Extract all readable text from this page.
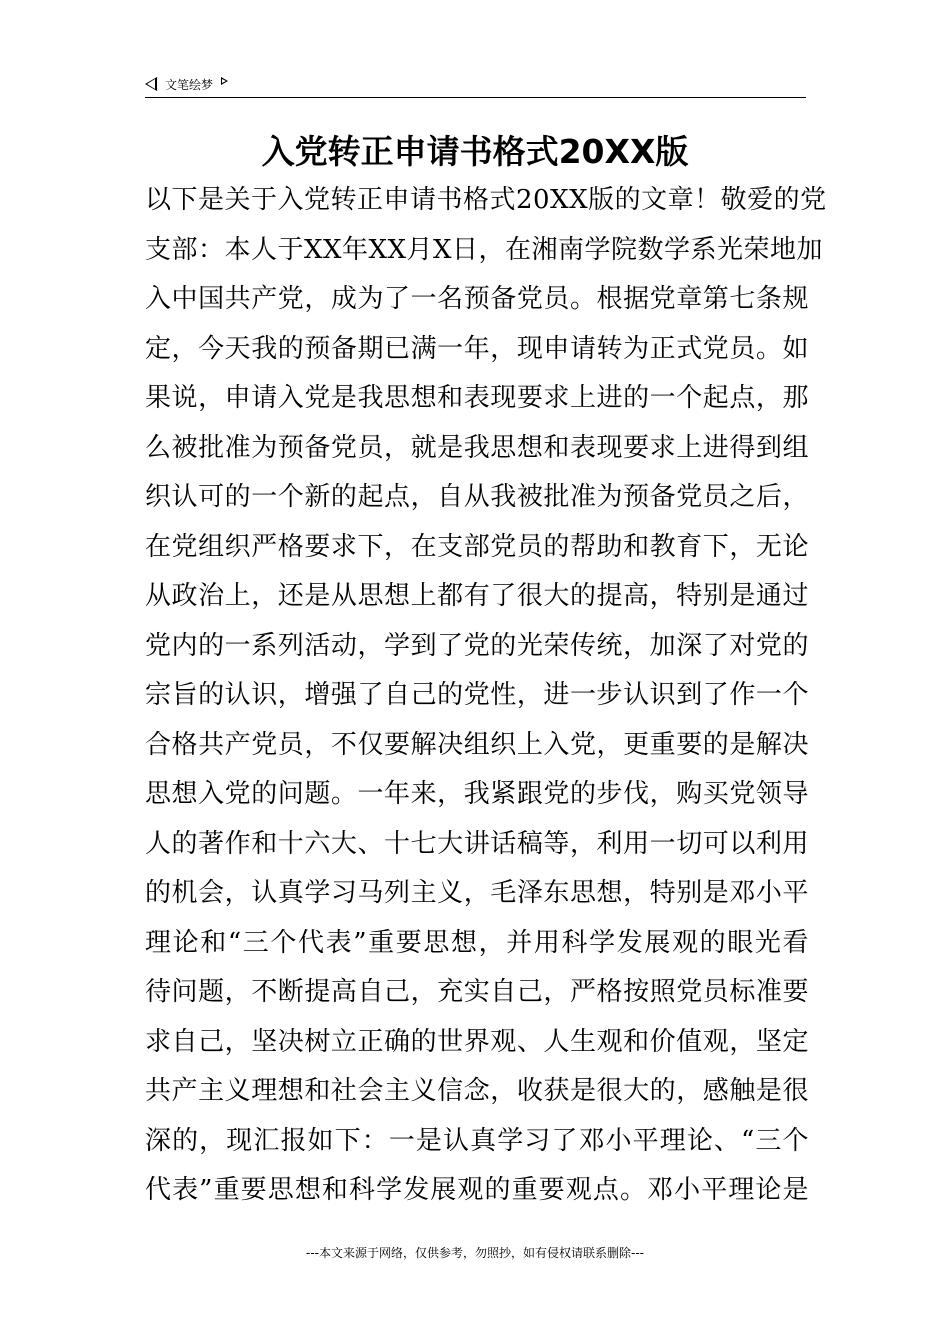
文笔绘梦
入党转正申请书格式20XX版
以下是关于入党转正申请书格式20XX版的文章！敬爱的党
支部：本人于XX年XX月X日，在湘南学院数学系光荣地加
入中国共产党，成为了一名预备党员。根据党章第七条规
定，今天我的预备期已满一年，现申请转为正式党员。如
果说，申请入党是我思想和表现要求上进的一个起点，那
么被批准为预备党员，就是我思想和表现要求上进得到组
织认可的一个新的起点，自从我被批准为预备党员之后，
在党组织严格要求下，在支部党员的帮助和教育下，无论
从政治上，还是从思想上都有了很大的提高，特别是通过
党内的一系列活动，学到了党的光荣传统，加深了对党的
宗旨的认识，增强了自己的党性，进一步认识到了作一个
合格共产党员，不仅要解决组织上入党，更重要的是解决
思想入党的问题。一年来，我紧跟党的步伐，购买党领导
人的著作和十六大、十七大讲话稿等，利用一切可以利用
的机会，认真学习马列主义，毛泽东思想，特别是邓小平
理论和“三个代表”重要思想，并用科学发展观的眼光看
待问题，不断提高自己，充实自己，严格按照党员标准要
求自己，坚决树立正确的世界观、人生观和价值观，坚定
共产主义理想和社会主义信念，收获是很大的，感触是很
深的，现汇报如下：一是认真学习了邓小平理论、“三个
代表”重要思想和科学发展观的重要观点。邓小平理论是
---本文来源于网络，仅供参考，勿照抄，如有侵权请联系删除---
